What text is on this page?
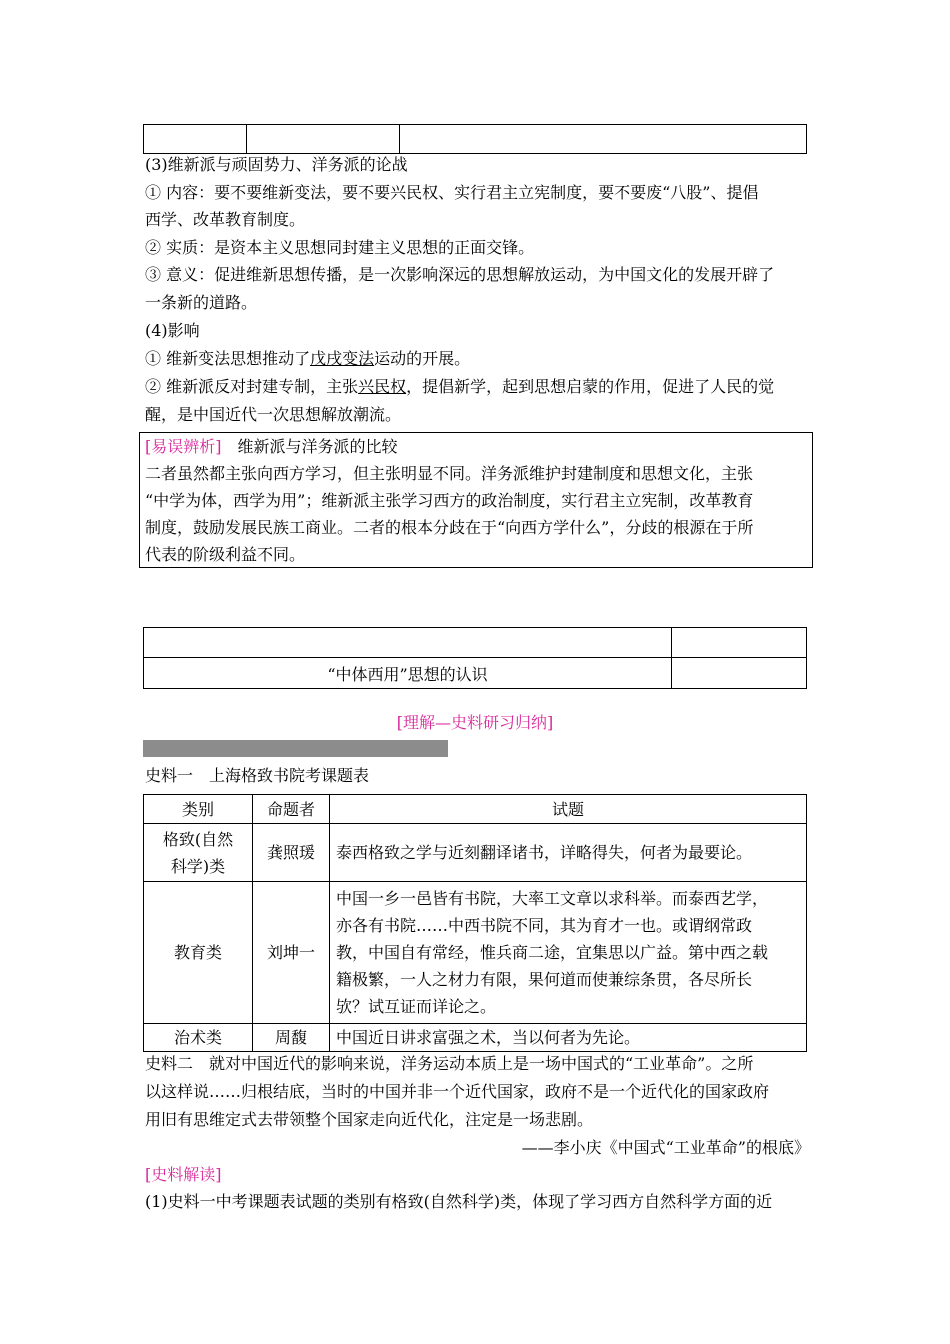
(3)维新派与顽固势力、洋务派的论战
① 内容：要不要维新变法，要不要兴民权、实行君主立宪制度，要不要废“八股”、提倡
西学、改革教育制度。
② 实质：是资本主义思想同封建主义思想的正面交锋。
③ 意义：促进维新思想传播，是一次影响深远的思想解放运动，为中国文化的发展开辟了
一条新的道路。
(4)影响
① 维新变法思想推动了戊戌变法运动的开展。
② 维新派反对封建专制，主张兴民权，提倡新学，起到思想启蒙的作用，促进了人民的觉
醒，是中国近代一次思想解放潮流。
[易误辨析]　 维新派与洋务派的比较
二者虽然都主张向西方学习，但主张明显不同。洋务派维护封建制度和思想文化，主张
“中学为体，西学为用”；维新派主张学习西方的政治制度，实行君主立宪制，改革教育
制度，鼓励发展民族工商业。二者的根本分歧在于“向西方学什么”，分歧的根源在于所
代表的阶级利益不同。

“中体西用”思想的认识	
[理解—史料研习归纳]
史料一　上海格致书院考课题表
类别	命题者	试题
格致(自然
科学)类	龚照瑗	泰西格致之学与近刻翻译诸书，详略得失，何者为最要论。
教育类	刘坤一	中国一乡一邑皆有书院，大率工文章以求科举。而泰西艺学，
亦各有书院……中西书院不同，其为育才一也。或谓纲常政
教，中国自有常经，惟兵商二途，宜集思以广益。第中西之载
籍极繁，一人之材力有限，果何道而使兼综条贯，各尽所长
欤？试互证而详论之。

治术类	周馥	中国近日讲求富强之术，当以何者为先论。
史料二　就对中国近代的影响来说，洋务运动本质上是一场中国式的“工业革命”。之所
以这样说……归根结底，当时的中国并非一个近代国家，政府不是一个近代化的国家政府
用旧有思维定式去带领整个国家走向近代化，注定是一场悲剧。
——李小庆《中国式“工业革命”的根底》
[史料解读]
(1)史料一中考课题表试题的类别有格致(自然科学)类，体现了学习西方自然科学方面的近
